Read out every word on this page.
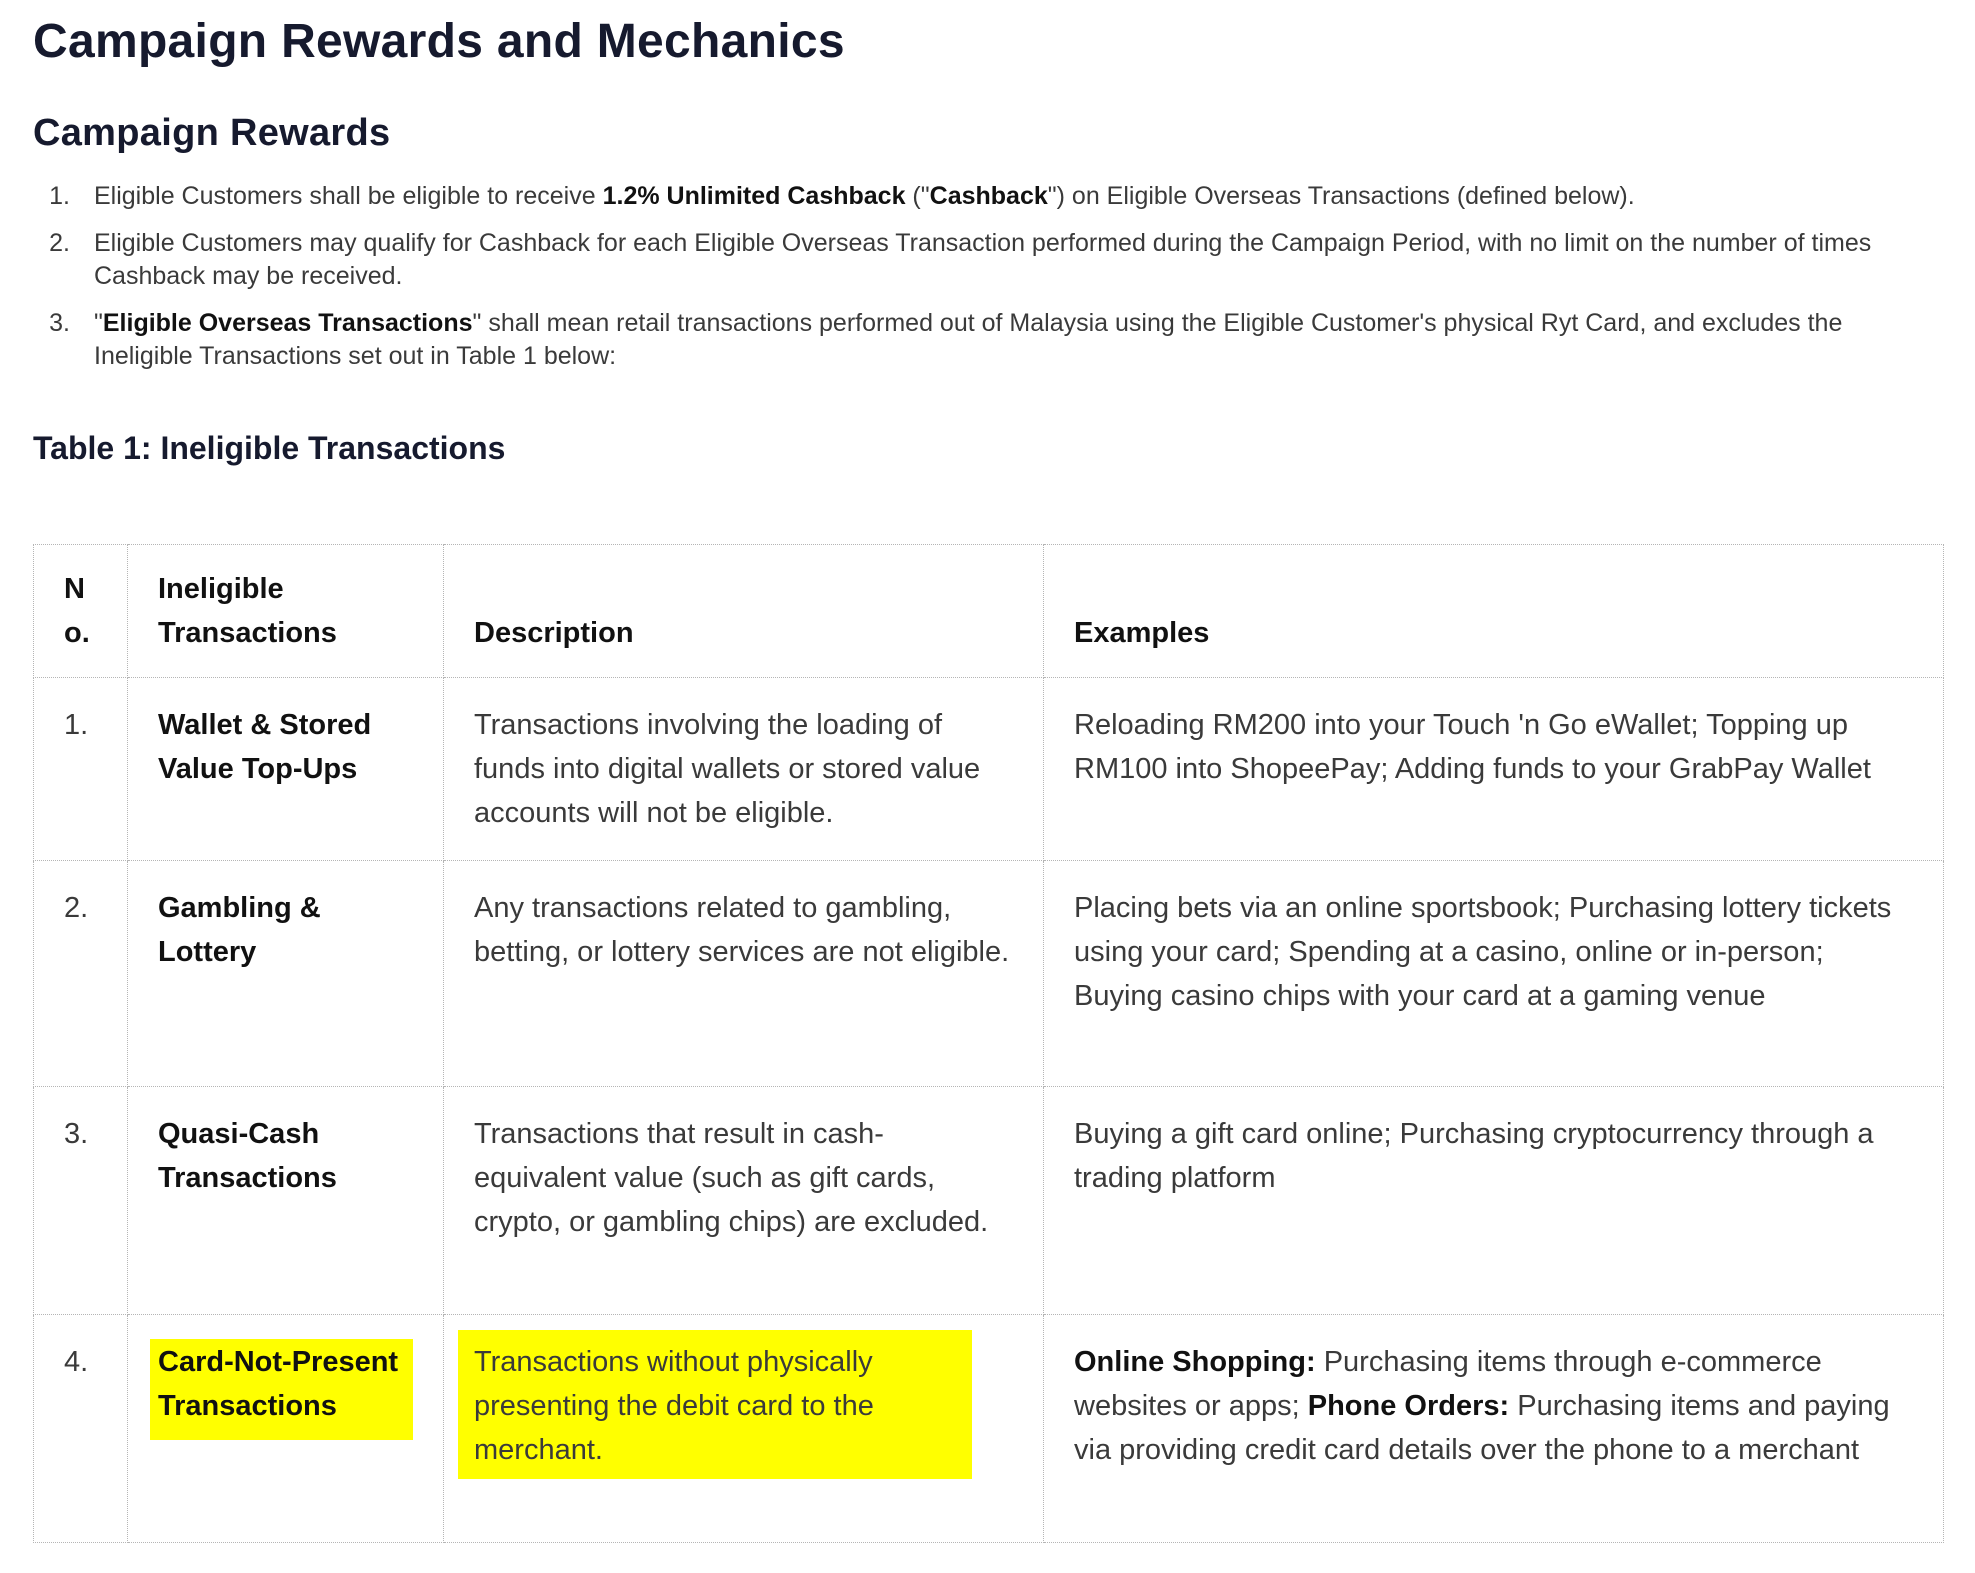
Campaign Rewards and Mechanics
Campaign Rewards
1. Eligible Customers shall be eligible to receive 1.2% Unlimited Cashback ("Cashback") on Eligible Overseas Transactions (defined below).
2. Eligible Customers may qualify for Cashback for each Eligible Overseas Transaction performed during the Campaign Period, with no limit on the number of times Cashback may be received.
3. "Eligible Overseas Transactions" shall mean retail transactions performed out of Malaysia using the Eligible Customer's physical Ryt Card, and excludes the Ineligible Transactions set out in Table 1 below:
Table 1: Ineligible Transactions
No.	Ineligible Transactions	Description	Examples
1.	Wallet & Stored Value Top-Ups	Transactions involving the loading of funds into digital wallets or stored value accounts will not be eligible.	Reloading RM200 into your Touch 'n Go eWallet; Topping up RM100 into ShopeePay; Adding funds to your GrabPay Wallet
2.	Gambling & Lottery	Any transactions related to gambling, betting, or lottery services are not eligible.	Placing bets via an online sportsbook; Purchasing lottery tickets using your card; Spending at a casino, online or in-person; Buying casino chips with your card at a gaming venue
3.	Quasi-Cash Transactions	Transactions that result in cash-equivalent value (such as gift cards, crypto, or gambling chips) are excluded.	Buying a gift card online; Purchasing cryptocurrency through a trading platform
4.	Card-Not-Present Transactions	Transactions without physically presenting the debit card to the merchant.	Online Shopping: Purchasing items through e-commerce websites or apps; Phone Orders: Purchasing items and paying via providing credit card details over the phone to a merchant
